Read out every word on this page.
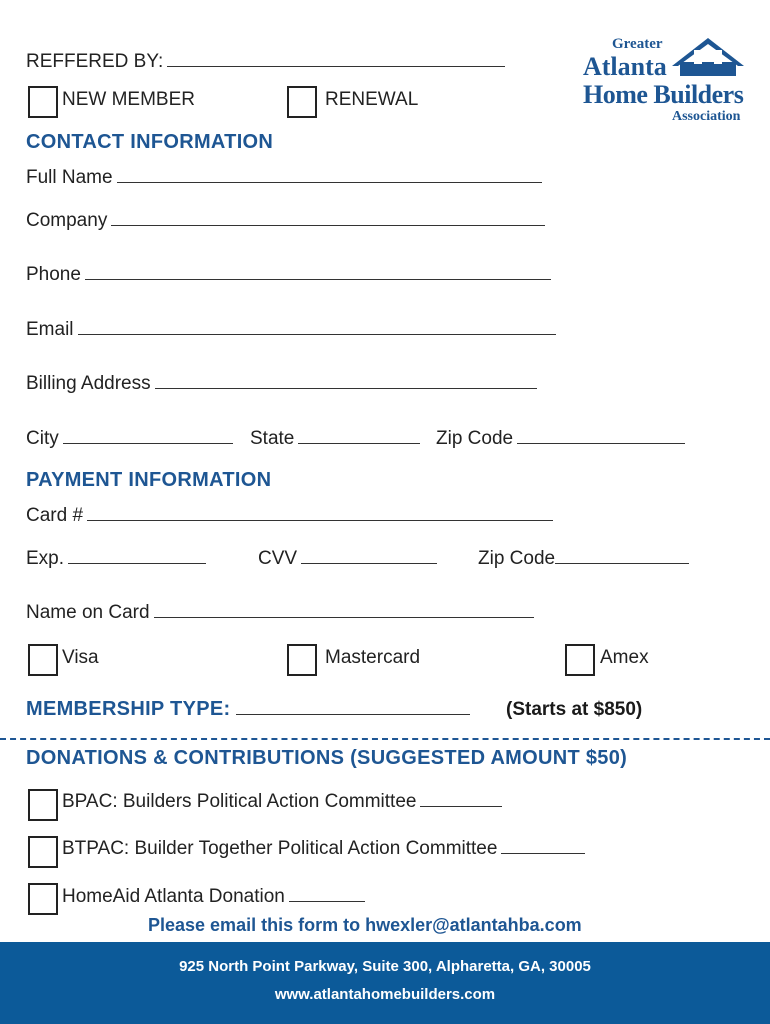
REFFERED BY:
NEW MEMBER	RENEWAL
Greater
Atlanta
Home Builders
Association
CONTACT INFORMATION
Full Name
Company
Phone
Email
Billing Address
City	State	Zip Code
PAYMENT INFORMATION
Card #
Exp.	CVV	Zip Code
Name on Card
Visa	Mastercard	Amex
MEMBERSHIP TYPE:	(Starts at $850)
DONATIONS & CONTRIBUTIONS (SUGGESTED AMOUNT $50)
BPAC: Builders Political Action Committee
BTPAC: Builder Together Political Action Committee
HomeAid Atlanta Donation
Please email this form to hwexler@atlantahba.com
925 North Point Parkway, Suite 300, Alpharetta, GA, 30005
www.atlantahomebuilders.com
